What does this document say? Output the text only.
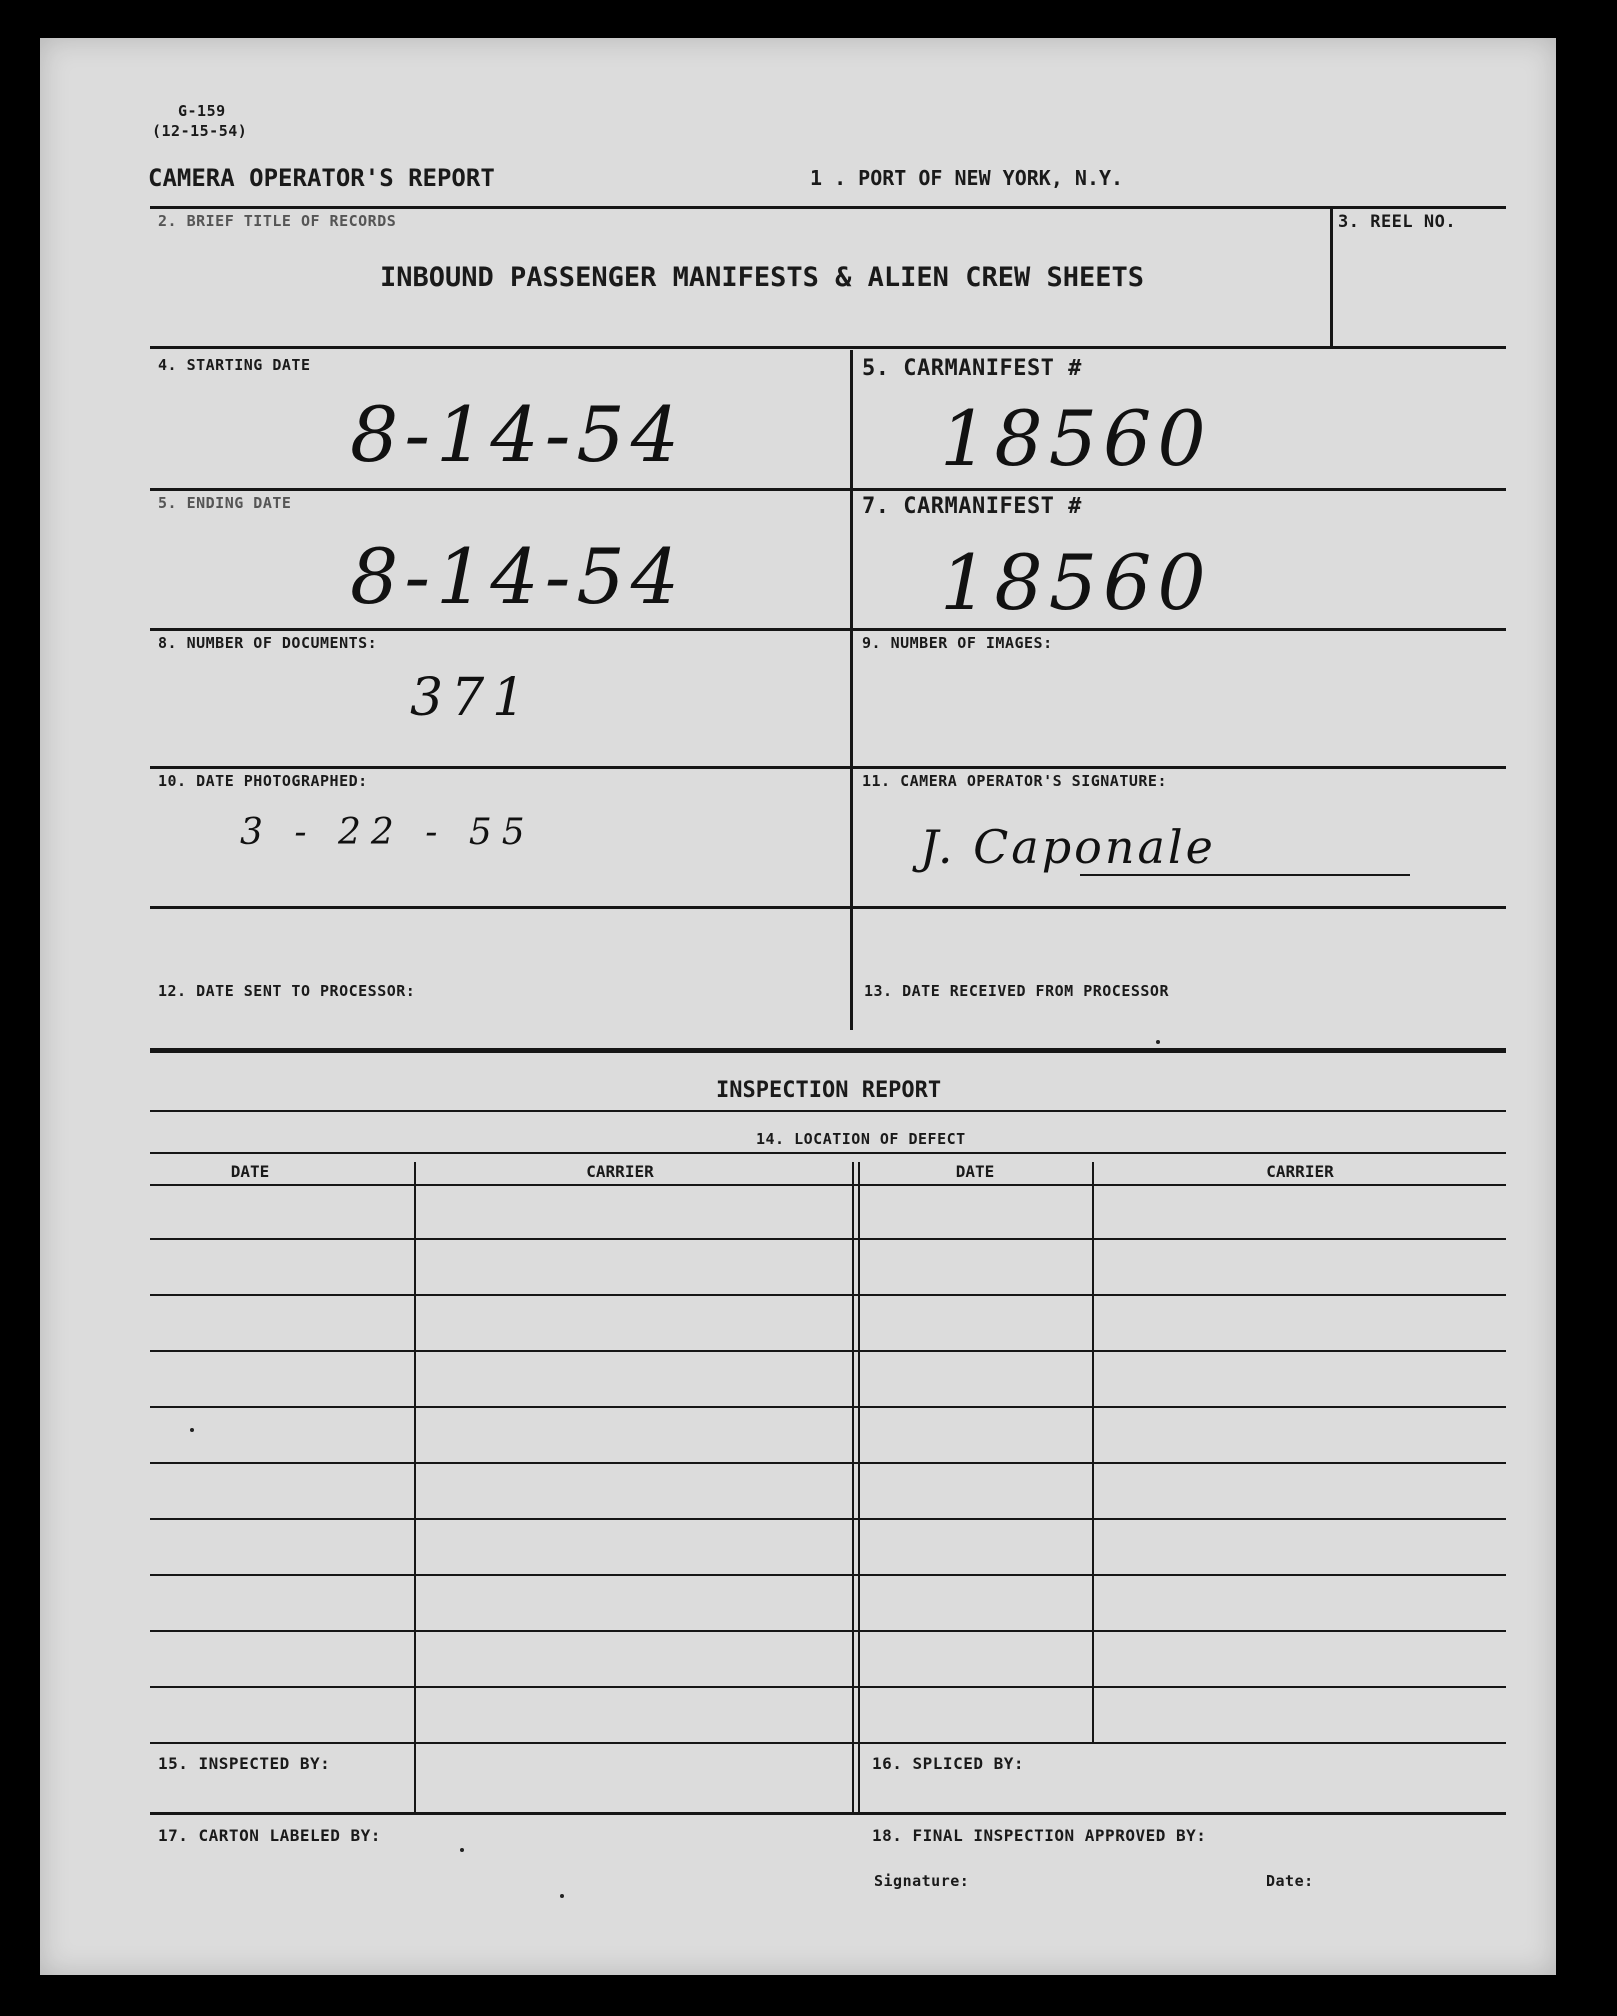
G-159
(12-15-54)
CAMERA OPERATOR'S REPORT	1 . PORT OF NEW YORK, N.Y.
2. BRIEF TITLE OF RECORDS	3. REEL NO.
INBOUND PASSENGER MANIFESTS & ALIEN CREW SHEETS
4. STARTING DATE
8-14-54
5. CARMANIFEST #
18560
5. ENDING DATE
8-14-54
7. CARMANIFEST #
18560
8. NUMBER OF DOCUMENTS:
371
9. NUMBER OF IMAGES:
10. DATE PHOTOGRAPHED:
3 - 22 - 55
11. CAMERA OPERATOR'S SIGNATURE:
J. Caponale
12. DATE SENT TO PROCESSOR:	13. DATE RECEIVED FROM PROCESSOR
INSPECTION REPORT
14. LOCATION OF DEFECT
DATE	CARRIER	DATE	CARRIER
15. INSPECTED BY:	16. SPLICED BY:
17. CARTON LABELED BY:	18. FINAL INSPECTION APPROVED BY:
Signature:	Date:
